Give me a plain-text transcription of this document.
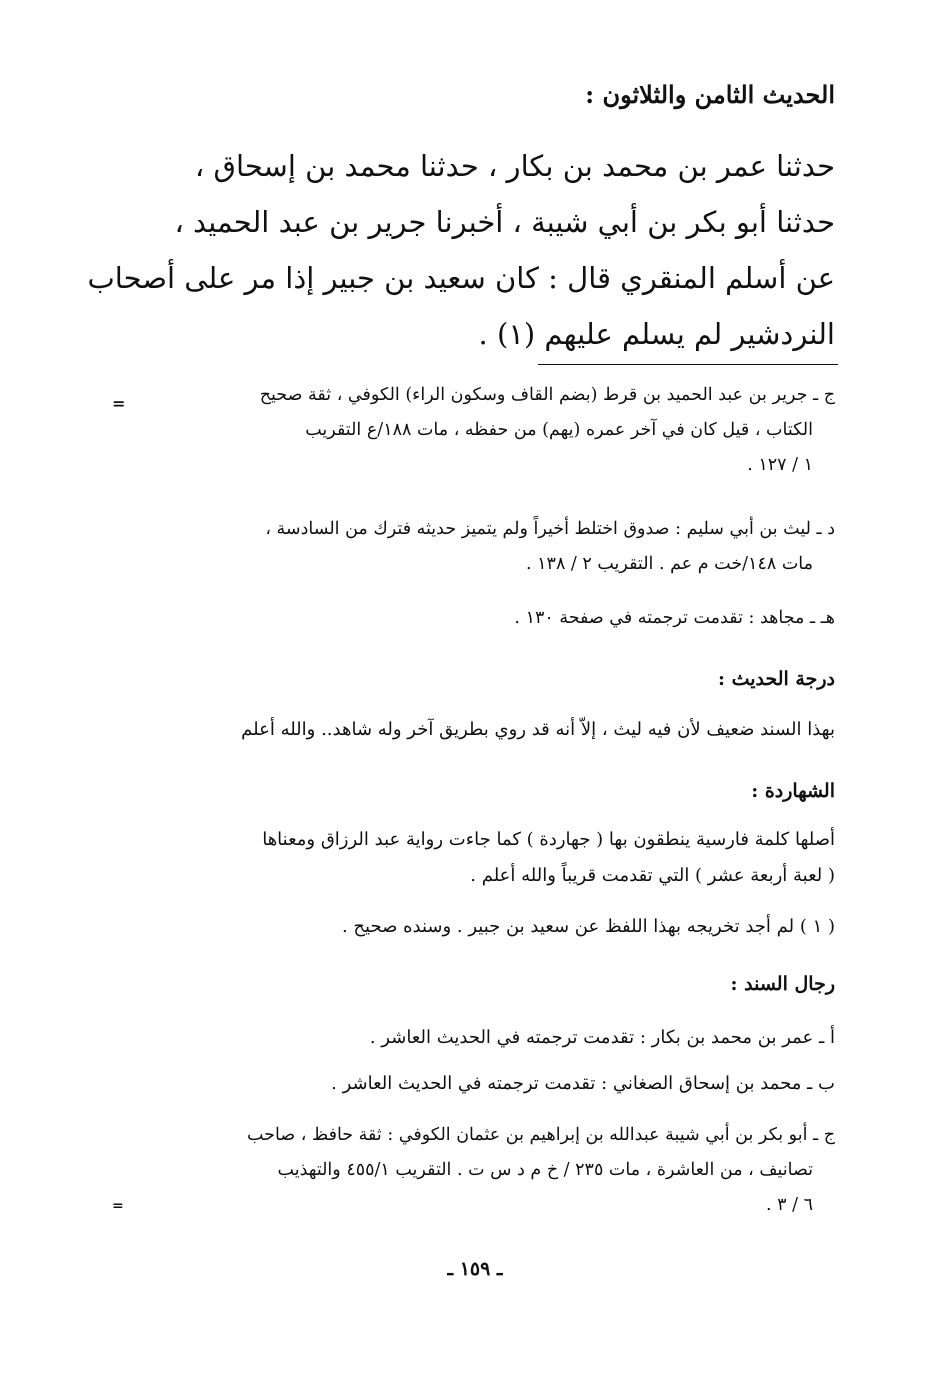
الحديث الثامن والثلاثون :
حدثنا عمر بن محمد بن بكار ، حدثنا محمد بن إسحاق ،
حدثنا أبو بكر بن أبي شيبة ، أخبرنا جرير بن عبد الحميد ،
عن أسلم المنقري قال : كان سعيد بن جبير إذا مر على أصحاب
النردشير لم يسلم عليهم (١) .
=	ج ـ جرير بن عبد الحميد بن قرط (بضم القاف وسكون الراء) الكوفي ، ثقة صحيح
الكتاب ، قيل كان في آخر عمره (يهم) من حفظه ، مات ١٨٨/ع التقريب
١ / ١٢٧ .
د ـ ليث بن أبي سليم : صدوق اختلط أخيراً ولم يتميز حديثه فترك من السادسة ،
مات ١٤٨/خت م عم . التقريب ٢ / ١٣٨ .
هـ ـ مجاهد : تقدمت ترجمته في صفحة ١٣٠ .
درجة الحديث :
بهذا السند ضعيف لأن فيه ليث ، إلاّ أنه قد روي بطريق آخر وله شاهد.. والله أعلم
الشهاردة :
أصلها كلمة فارسية ينطقون بها ( جهاردة ) كما جاءت رواية عبد الرزاق ومعناها
( لعبة أربعة عشر ) التي تقدمت قريباً والله أعلم .
( ١ ) لم أجد تخريجه بهذا اللفظ عن سعيد بن جبير . وسنده صحيح .
رجال السند :
أ ـ عمر بن محمد بن بكار : تقدمت ترجمته في الحديث العاشر .
ب ـ محمد بن إسحاق الصغاني : تقدمت ترجمته في الحديث العاشر .
ج ـ أبو بكر بن أبي شيبة عبدالله بن إبراهيم بن عثمان الكوفي : ثقة حافظ ، صاحب
تصانيف ، من العاشرة ، مات ٢٣٥ / خ م د س ت . التقريب ٤٥٥/١ والتهذيب
٦ / ٣ .
=
ـ ١٥٩ ـ
